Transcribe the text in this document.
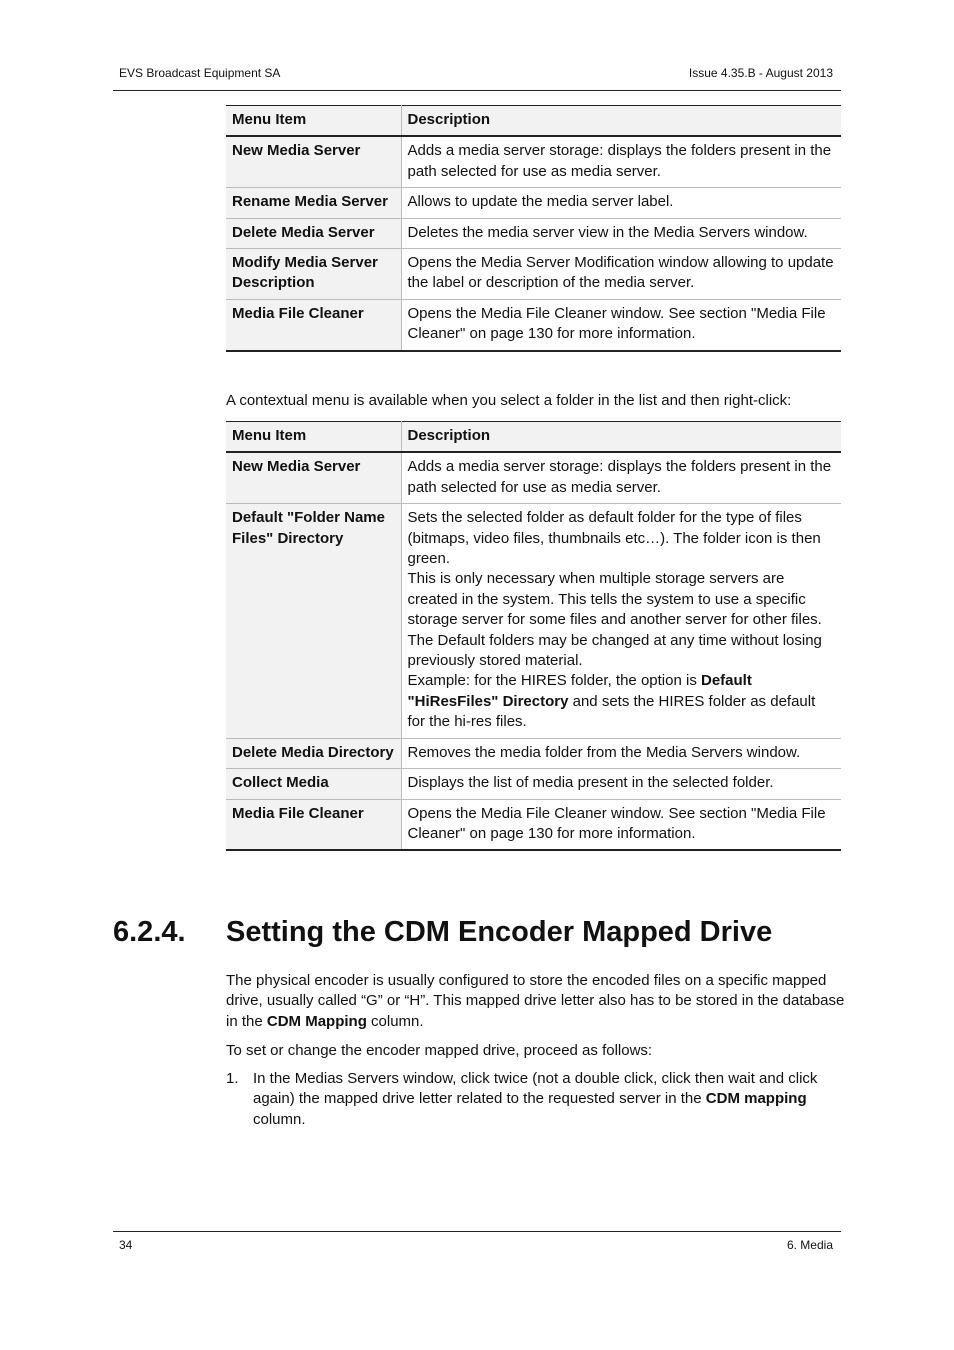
EVS Broadcast Equipment SA	Issue 4.35.B - August 2013
Menu Item	Description
New Media Server	Adds a media server storage: displays the folders present in the path selected for use as media server.
Rename Media Server	Allows to update the media server label.
Delete Media Server	Deletes the media server view in the Media Servers window.
Modify Media Server Description	Opens the Media Server Modification window allowing to update the label or description of the media server.
Media File Cleaner	Opens the Media File Cleaner window. See section "Media File Cleaner" on page 130 for more information.
A contextual menu is available when you select a folder in the list and then right-click:
Menu Item	Description
New Media Server	Adds a media server storage: displays the folders present in the path selected for use as media server.
Default "Folder Name Files" Directory	Sets the selected folder as default folder for the type of files (bitmaps, video files, thumbnails etc…). The folder icon is then green.
This is only necessary when multiple storage servers are created in the system. This tells the system to use a specific storage server for some files and another server for other files.
The Default folders may be changed at any time without losing previously stored material.
Example: for the HIRES folder, the option is Default "HiResFiles" Directory and sets the HIRES folder as default for the hi-res files.

Delete Media Directory	Removes the media folder from the Media Servers window.
Collect Media	Displays the list of media present in the selected folder.
Media File Cleaner	Opens the Media File Cleaner window. See section "Media File Cleaner" on page 130 for more information.
6.2.4. Setting the CDM Encoder Mapped Drive
The physical encoder is usually configured to store the encoded files on a specific mapped drive, usually called “G” or “H”. This mapped drive letter also has to be stored in the database in the CDM Mapping column.
To set or change the encoder mapped drive, proceed as follows:
1. In the Medias Servers window, click twice (not a double click, click then wait and click again) the mapped drive letter related to the requested server in the CDM mapping column.
34	6. Media
